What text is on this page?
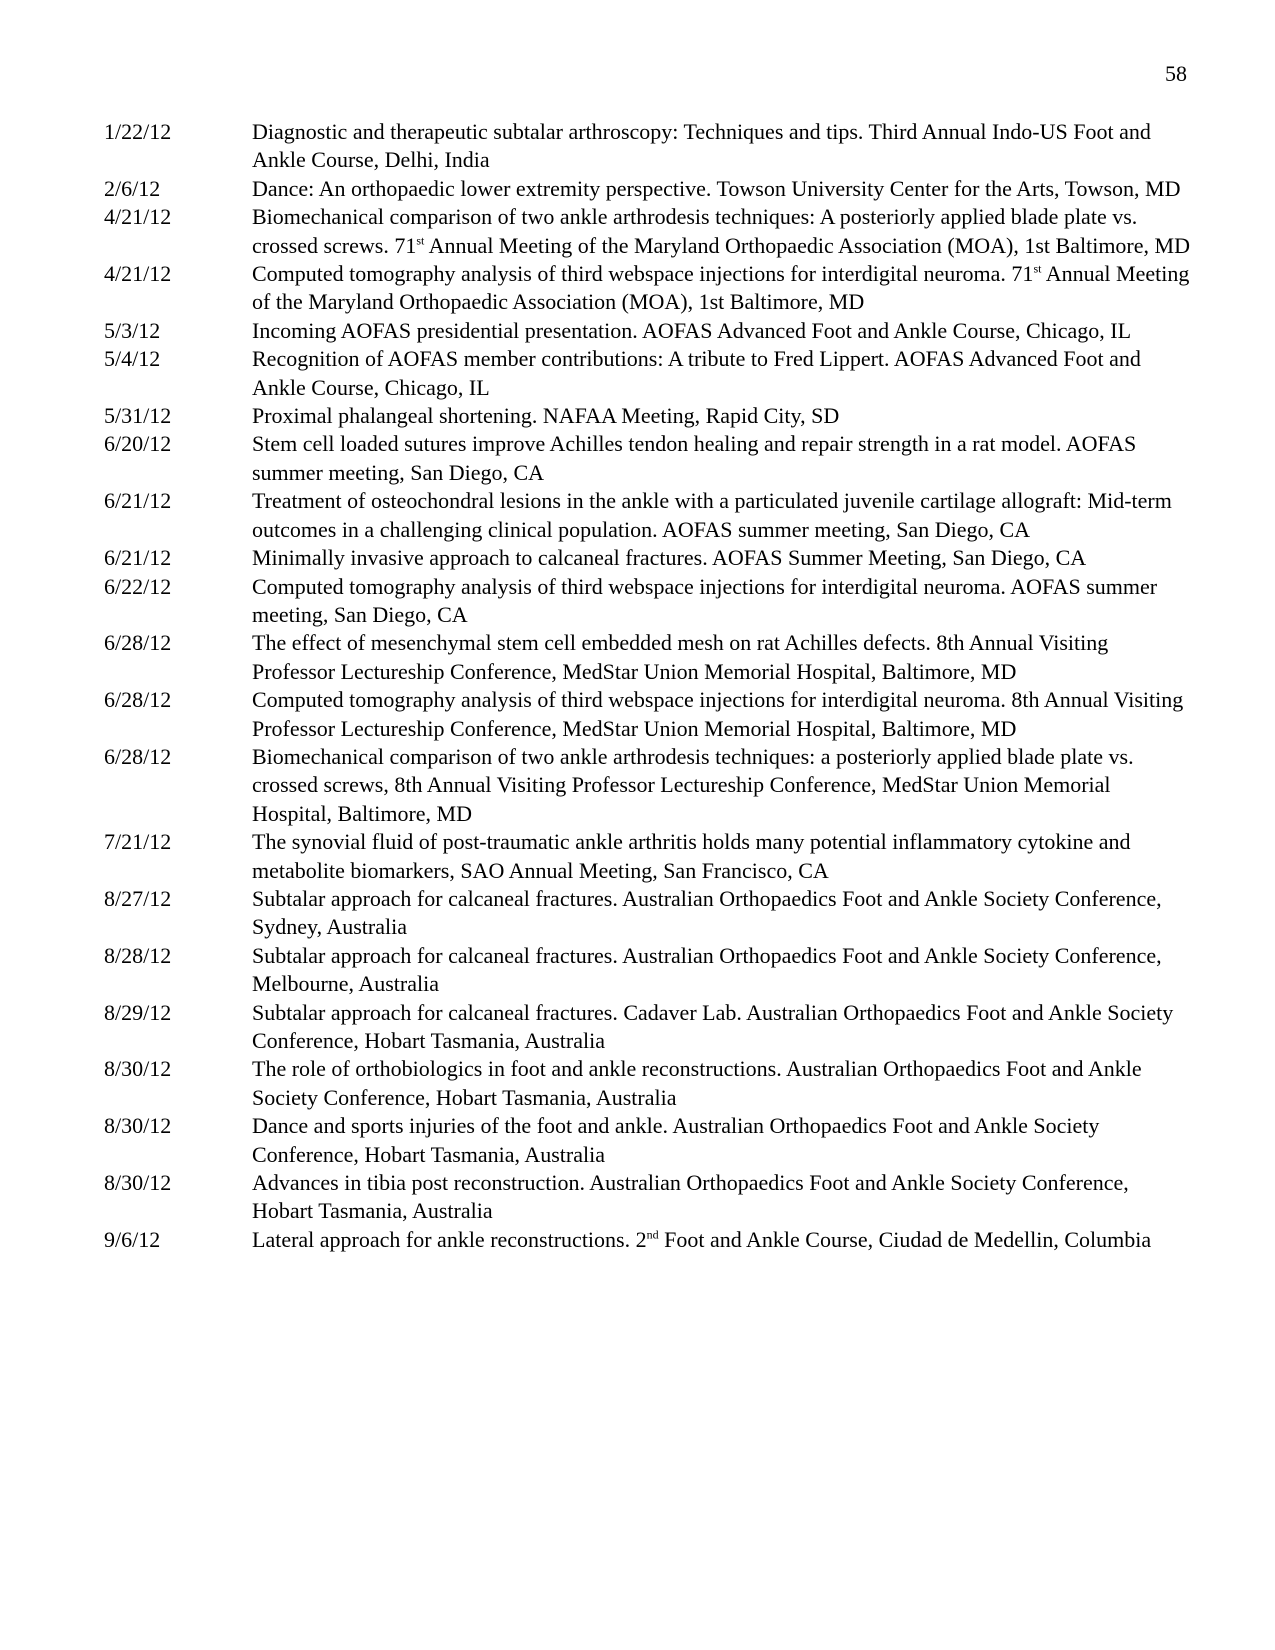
58
1/22/12	Diagnostic and therapeutic subtalar arthroscopy: Techniques and tips. Third Annual Indo-US Foot and Ankle Course, Delhi, India
2/6/12	Dance: An orthopaedic lower extremity perspective. Towson University Center for the Arts, Towson, MD
4/21/12	Biomechanical comparison of two ankle arthrodesis techniques: A posteriorly applied blade plate vs. crossed screws. 71st Annual Meeting of the Maryland Orthopaedic Association (MOA), 1st Baltimore, MD
4/21/12	Computed tomography analysis of third webspace injections for interdigital neuroma. 71st Annual Meeting of the Maryland Orthopaedic Association (MOA), 1st Baltimore, MD
5/3/12	Incoming AOFAS presidential presentation. AOFAS Advanced Foot and Ankle Course, Chicago, IL
5/4/12	Recognition of AOFAS member contributions: A tribute to Fred Lippert. AOFAS Advanced Foot and Ankle Course, Chicago, IL
5/31/12	Proximal phalangeal shortening. NAFAA Meeting, Rapid City, SD
6/20/12	Stem cell loaded sutures improve Achilles tendon healing and repair strength in a rat model. AOFAS summer meeting, San Diego, CA
6/21/12	Treatment of osteochondral lesions in the ankle with a particulated juvenile cartilage allograft: Mid-term outcomes in a challenging clinical population. AOFAS summer meeting, San Diego, CA
6/21/12	Minimally invasive approach to calcaneal fractures. AOFAS Summer Meeting, San Diego, CA
6/22/12	Computed tomography analysis of third webspace injections for interdigital neuroma. AOFAS summer meeting, San Diego, CA
6/28/12	The effect of mesenchymal stem cell embedded mesh on rat Achilles defects. 8th Annual Visiting Professor Lectureship Conference, MedStar Union Memorial Hospital, Baltimore, MD
6/28/12	Computed tomography analysis of third webspace injections for interdigital neuroma. 8th Annual Visiting Professor Lectureship Conference, MedStar Union Memorial Hospital, Baltimore, MD
6/28/12	Biomechanical comparison of two ankle arthrodesis techniques: a posteriorly applied blade plate vs. crossed screws, 8th Annual Visiting Professor Lectureship Conference, MedStar Union Memorial Hospital, Baltimore, MD
7/21/12	The synovial fluid of post-traumatic ankle arthritis holds many potential inflammatory cytokine and metabolite biomarkers, SAO Annual Meeting, San Francisco, CA
8/27/12	Subtalar approach for calcaneal fractures. Australian Orthopaedics Foot and Ankle Society Conference, Sydney, Australia
8/28/12	Subtalar approach for calcaneal fractures. Australian Orthopaedics Foot and Ankle Society Conference, Melbourne, Australia
8/29/12	Subtalar approach for calcaneal fractures. Cadaver Lab. Australian Orthopaedics Foot and Ankle Society Conference, Hobart Tasmania, Australia
8/30/12	The role of orthobiologics in foot and ankle reconstructions. Australian Orthopaedics Foot and Ankle Society Conference, Hobart Tasmania, Australia
8/30/12	Dance and sports injuries of the foot and ankle. Australian Orthopaedics Foot and Ankle Society Conference, Hobart Tasmania, Australia
8/30/12	Advances in tibia post reconstruction. Australian Orthopaedics Foot and Ankle Society Conference, Hobart Tasmania, Australia
9/6/12	Lateral approach for ankle reconstructions. 2nd Foot and Ankle Course, Ciudad de Medellin, Columbia
